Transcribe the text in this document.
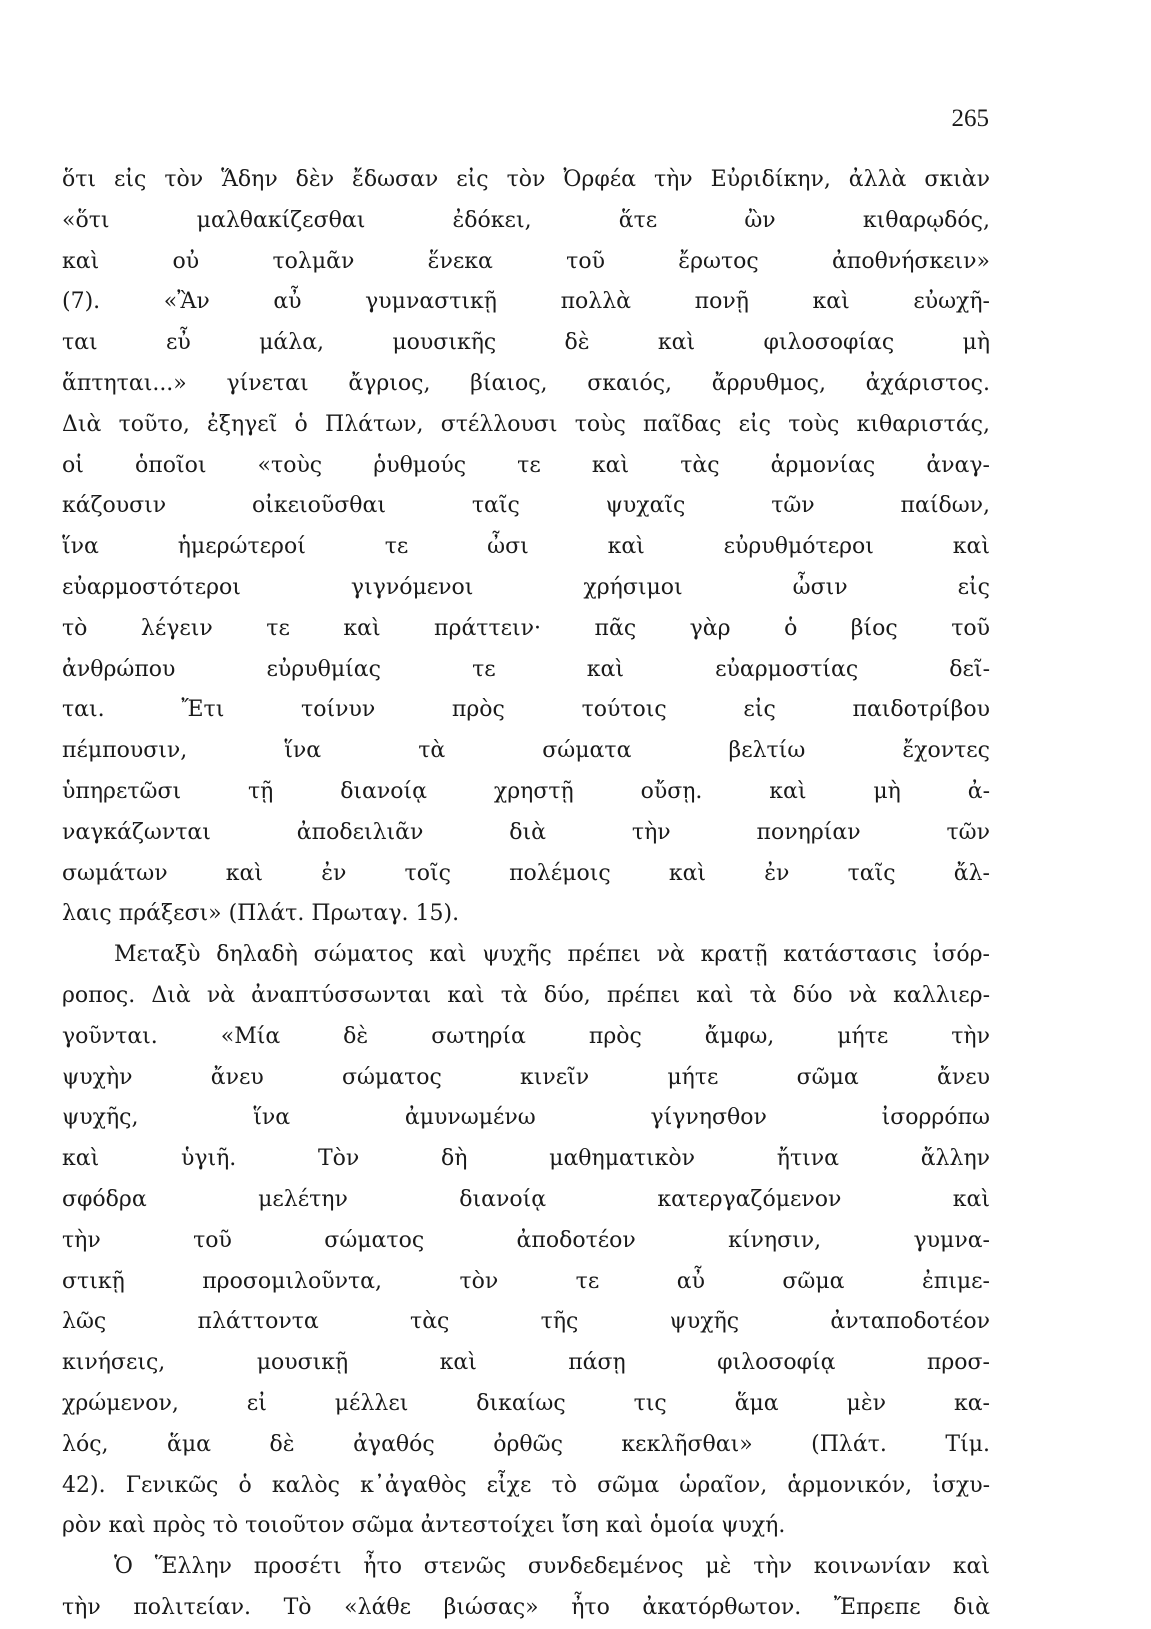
265
ὅτι εἰς τὸν Ἅδην δὲν ἔδωσαν εἰς τὸν Ὀρφέα τὴν Εὐριδίκην, ἀλλὰ σκιὰν
«ὅτι μαλθακίζεσθαι ἐδόκει, ἅτε ὢν κιθαρῳδός,
καὶ οὐ τολμᾶν ἕνεκα τοῦ ἔρωτος ἀποθνήσκειν»
(7). «Ἂν αὖ γυμναστικῇ πολλὰ πονῇ καὶ εὐωχῆ-
ται εὖ μάλα, μουσικῆς δὲ καὶ φιλοσοφίας μὴ
ἅπτηται...» γίνεται ἄγριος, βίαιος, σκαιός, ἄρρυθμος, ἀχάριστος.
Διὰ τοῦτο, ἐξηγεῖ ὁ Πλάτων, στέλλουσι τοὺς παῖδας εἰς τοὺς κιθαριστάς,
οἱ ὁποῖοι «τοὺς ῥυθμούς τε καὶ τὰς ἁρμονίας ἀναγ-
κάζουσιν οἰκειοῦσθαι ταῖς ψυχαῖς τῶν παίδων,
ἵνα ἡμερώτεροί τε ὦσι καὶ εὐρυθμότεροι καὶ
εὐαρμοστότεροι γιγνόμενοι χρήσιμοι ὦσιν εἰς
τὸ λέγειν τε καὶ πράττειν· πᾶς γὰρ ὁ βίος τοῦ
ἀνθρώπου εὐρυθμίας τε καὶ εὐαρμοστίας δεῖ-
ται. Ἔτι τοίνυν πρὸς τούτοις εἰς παιδοτρίβου
πέμπουσιν, ἵνα τὰ σώματα βελτίω ἔχοντες
ὑπηρετῶσι τῇ διανοίᾳ χρηστῇ οὔσῃ. καὶ μὴ ἀ-
ναγκάζωνται ἀποδειλιᾶν διὰ τὴν πονηρίαν τῶν
σωμάτων καὶ ἐν τοῖς πολέμοις καὶ ἐν ταῖς ἄλ-
λαις πράξεσι» (Πλάτ. Πρωταγ. 15).
Μεταξὺ δηλαδὴ σώματος καὶ ψυχῆς πρέπει νὰ κρατῇ κατάστασις ἰσόρ-
ροπος. Διὰ νὰ ἀναπτύσσωνται καὶ τὰ δύο, πρέπει καὶ τὰ δύο νὰ καλλιερ-
γοῦνται. «Μία δὲ σωτηρία πρὸς ἄμφω, μήτε τὴν
ψυχὴν ἄνευ σώματος κινεῖν μήτε σῶμα ἄνευ
ψυχῆς, ἵνα ἀμυνωμένω γίγνησθον ἰσορρόπω
καὶ ὑγιῆ. Τὸν δὴ μαθηματικὸν ἤτινα ἄλλην
σφόδρα μελέτην διανοίᾳ κατεργαζόμενον καὶ
τὴν τοῦ σώματος ἀποδοτέον κίνησιν, γυμνα-
στικῇ προσομιλοῦντα, τὸν τε αὖ σῶμα ἐπιμε-
λῶς πλάττοντα τὰς τῆς ψυχῆς ἀνταποδοτέον
κινήσεις, μουσικῇ καὶ πάσῃ φιλοσοφίᾳ προσ-
χρώμενον, εἰ μέλλει δικαίως τις ἅμα μὲν κα-
λός, ἅμα δὲ ἀγαθός ὀρθῶς κεκλῆσθαι» (Πλάτ. Τίμ.
42). Γενικῶς ὁ καλὸς κ᾽ἀγαθὸς εἶχε τὸ σῶμα ὡραῖον, ἁρμονικόν, ἰσχυ-
ρὸν καὶ πρὸς τὸ τοιοῦτον σῶμα ἀντεστοίχει ἴση καὶ ὁμοία ψυχή.
Ὁ Ἕλλην προσέτι ἦτο στενῶς συνδεδεμένος μὲ τὴν κοινωνίαν καὶ
τὴν πολιτείαν. Τὸ «λάθε βιώσας» ἦτο ἀκατόρθωτον. Ἔπρεπε διὰ
